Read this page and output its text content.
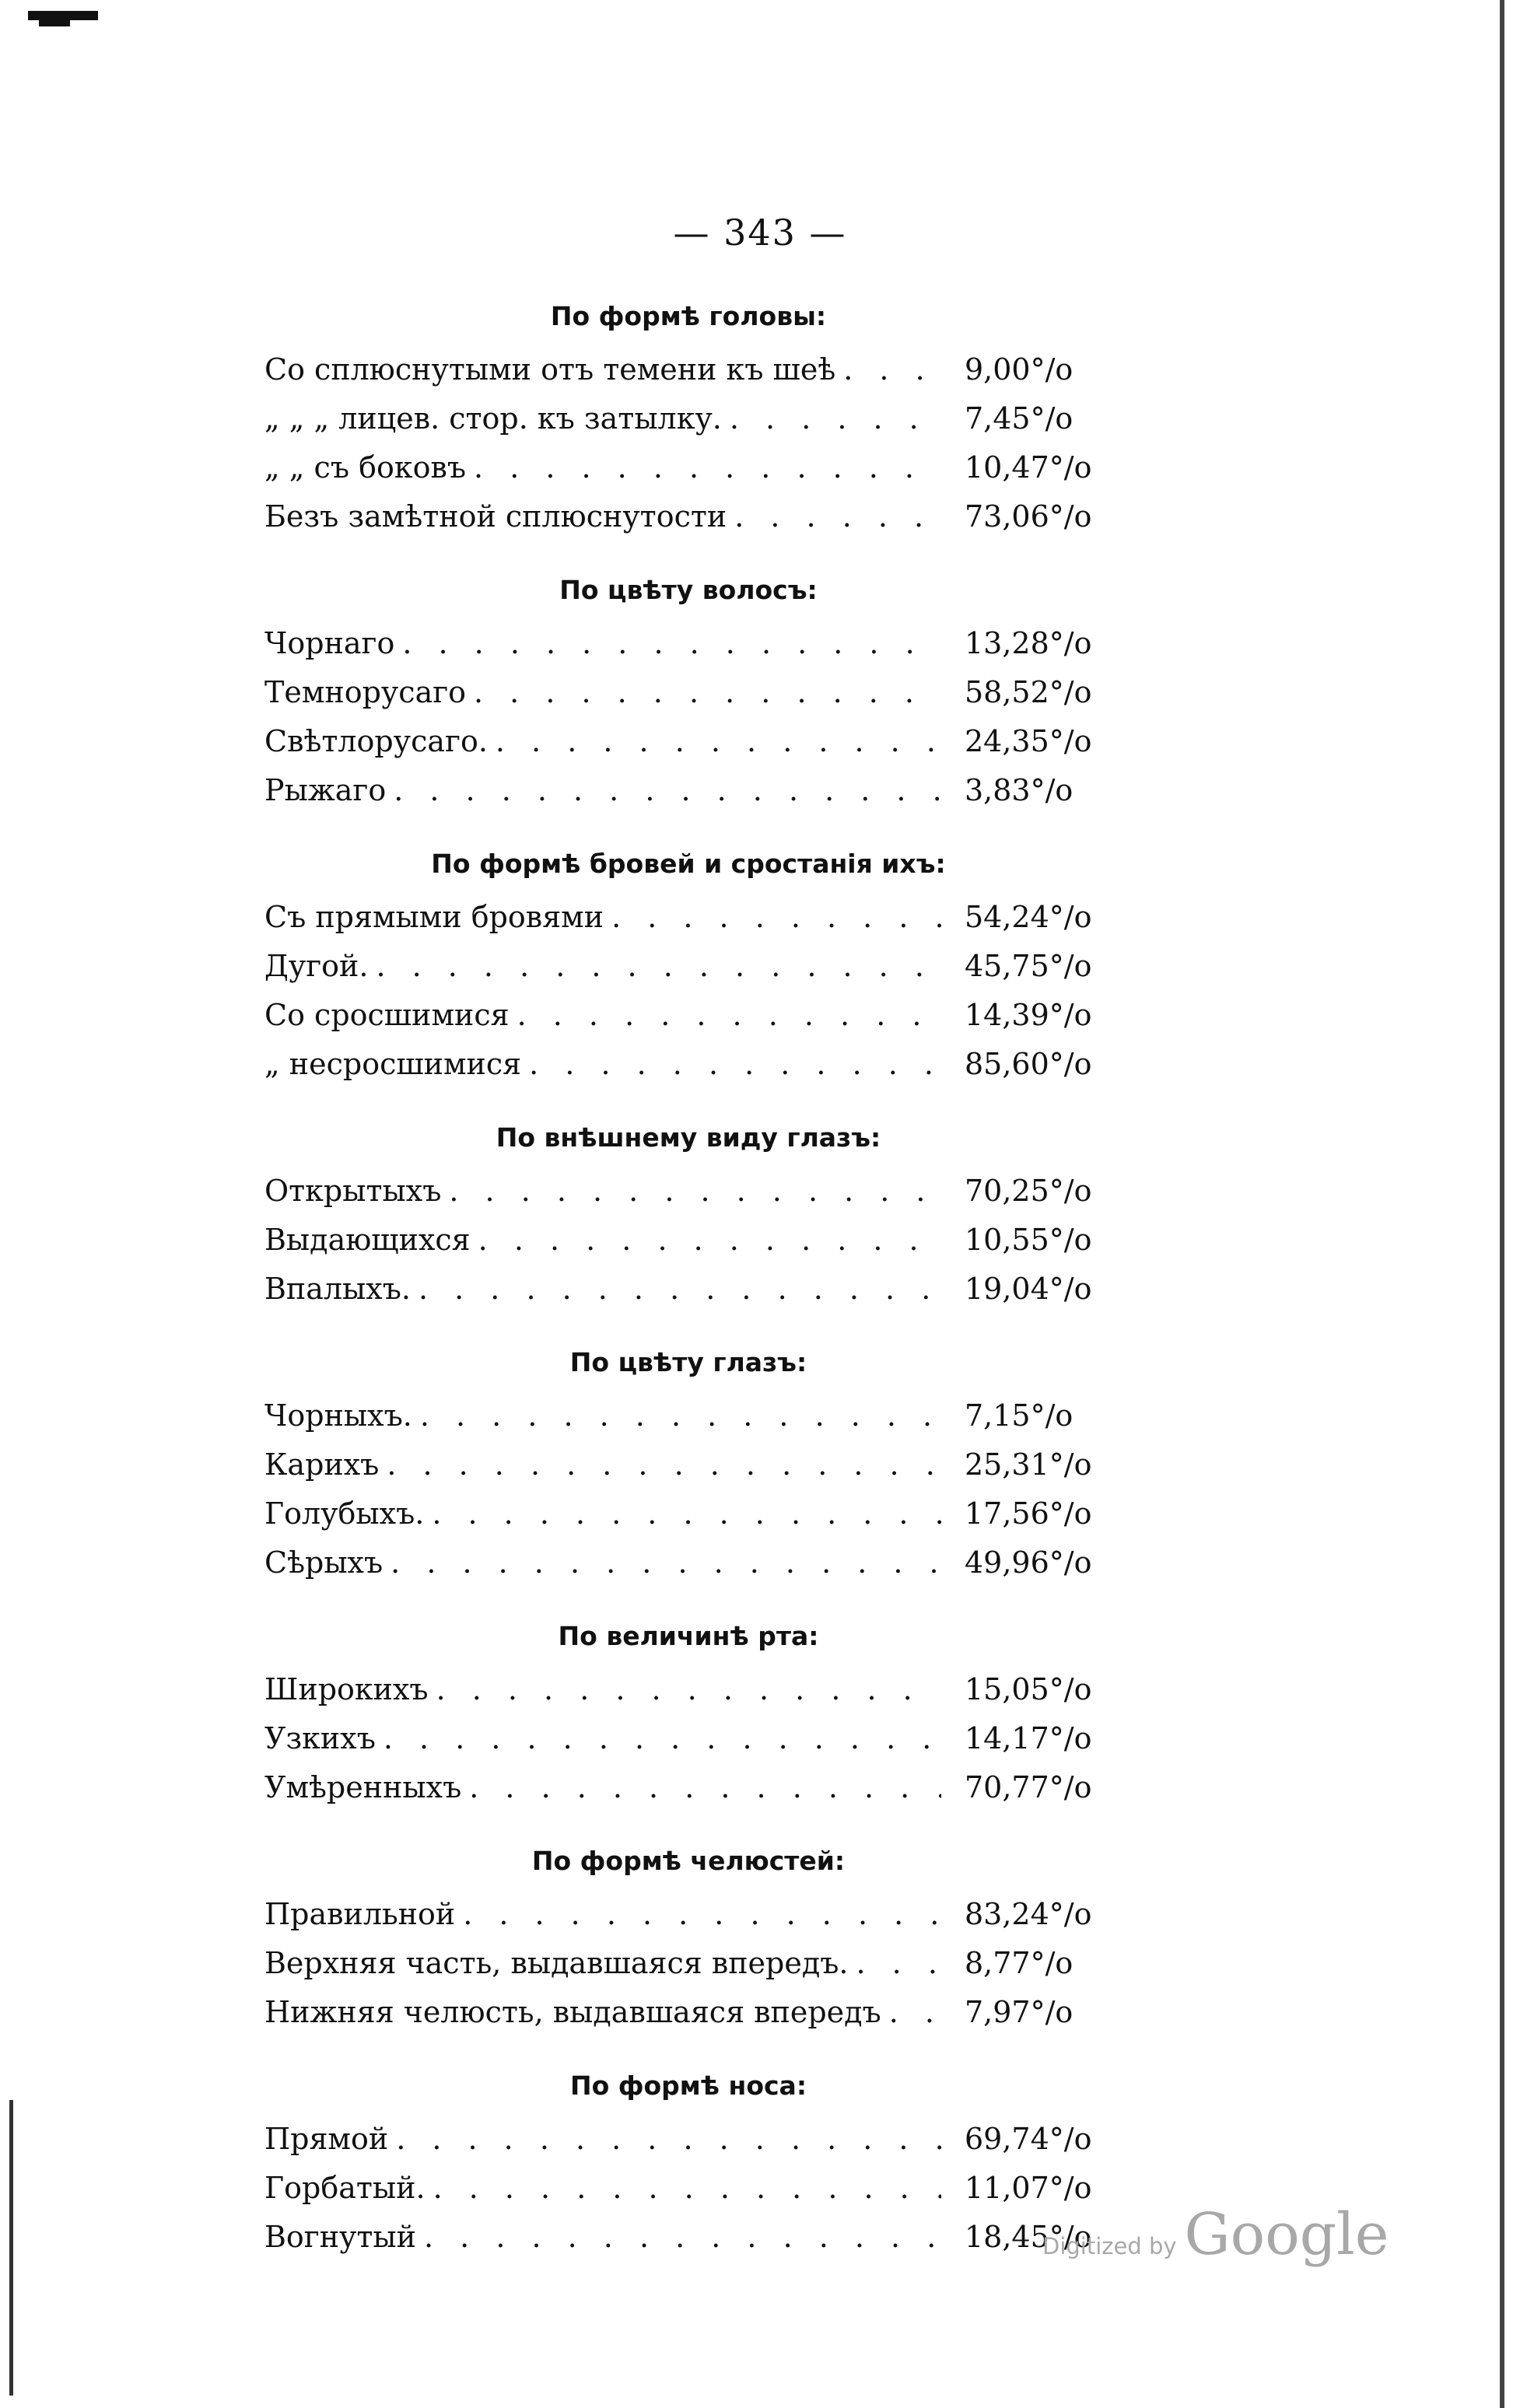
— 343 —
По формѣ головы:
Со сплюснутыми отъ темени къ шеѣ . . .	9,00°/o
„ „ „ лицев. стор. къ затылку. . . .	7,45°/o
„ „ съ боковъ . . .	10,47°/o
Безъ замѣтной сплюснутости . . .	73,06°/o
По цвѣту волосъ:
Чорнаго . . .	13,28°/o
Темнорусаго . . .	58,52°/o
Свѣтлорусаго. . . .	24,35°/o
Рыжаго . . .	3,83°/o
По формѣ бровей и сростанія ихъ:
Съ прямыми бровями . . .	54,24°/o
Дугой. . . .	45,75°/o
Со сросшимися . . .	14,39°/o
„ несросшимися . . .	85,60°/o
По внѣшнему виду глазъ:
Открытыхъ . . .	70,25°/o
Выдающихся . . .	10,55°/o
Впалыхъ. . . .	19,04°/o
По цвѣту глазъ:
Чорныхъ. . . .	7,15°/o
Карихъ . . .	25,31°/o
Голубыхъ. . . .	17,56°/o
Сѣрыхъ . . .	49,96°/o
По величинѣ рта:
Широкихъ . . .	15,05°/o
Узкихъ . . .	14,17°/o
Умѣренныхъ . . .	70,77°/o
По формѣ челюстей:
Правильной . . .	83,24°/o
Верхняя часть, выдавшаяся впередъ. . . .	8,77°/o
Нижняя челюсть, выдавшаяся впередъ . . .	7,97°/o
По формѣ носа:
Прямой . . .	69,74°/o
Горбатый. . . .	11,07°/o
Вогнутый . . .	18,45°/o
Digitized by Google
